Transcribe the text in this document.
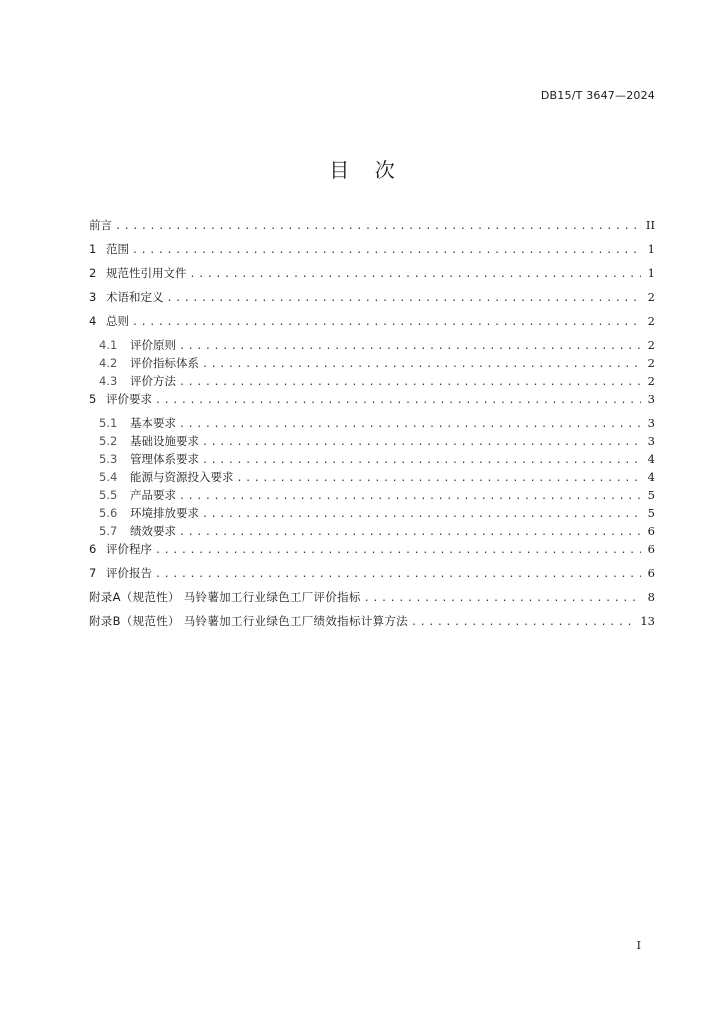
DB15/T 3647—2024
目    次
前言 .....	II
1 范围 .....	1
2 规范性引用文件 .....	1
3 术语和定义 .....	2
4 总则 .....	2
4.1	评价原则 .....	2
4.2	评价指标体系 .....	2
4.3	评价方法 .....	2
5 评价要求 .....	3
5.1	基本要求 .....	3
5.2	基础设施要求 .....	3
5.3	管理体系要求 .....	4
5.4	能源与资源投入要求 .....	4
5.5	产品要求 .....	5
5.6	环境排放要求 .....	5
5.7	绩效要求 .....	6
6 评价程序 .....	6
7 评价报告 .....	6
附录A（规范性） 马铃薯加工行业绿色工厂评价指标 .....	8
附录B（规范性） 马铃薯加工行业绿色工厂绩效指标计算方法 .....	13
I
